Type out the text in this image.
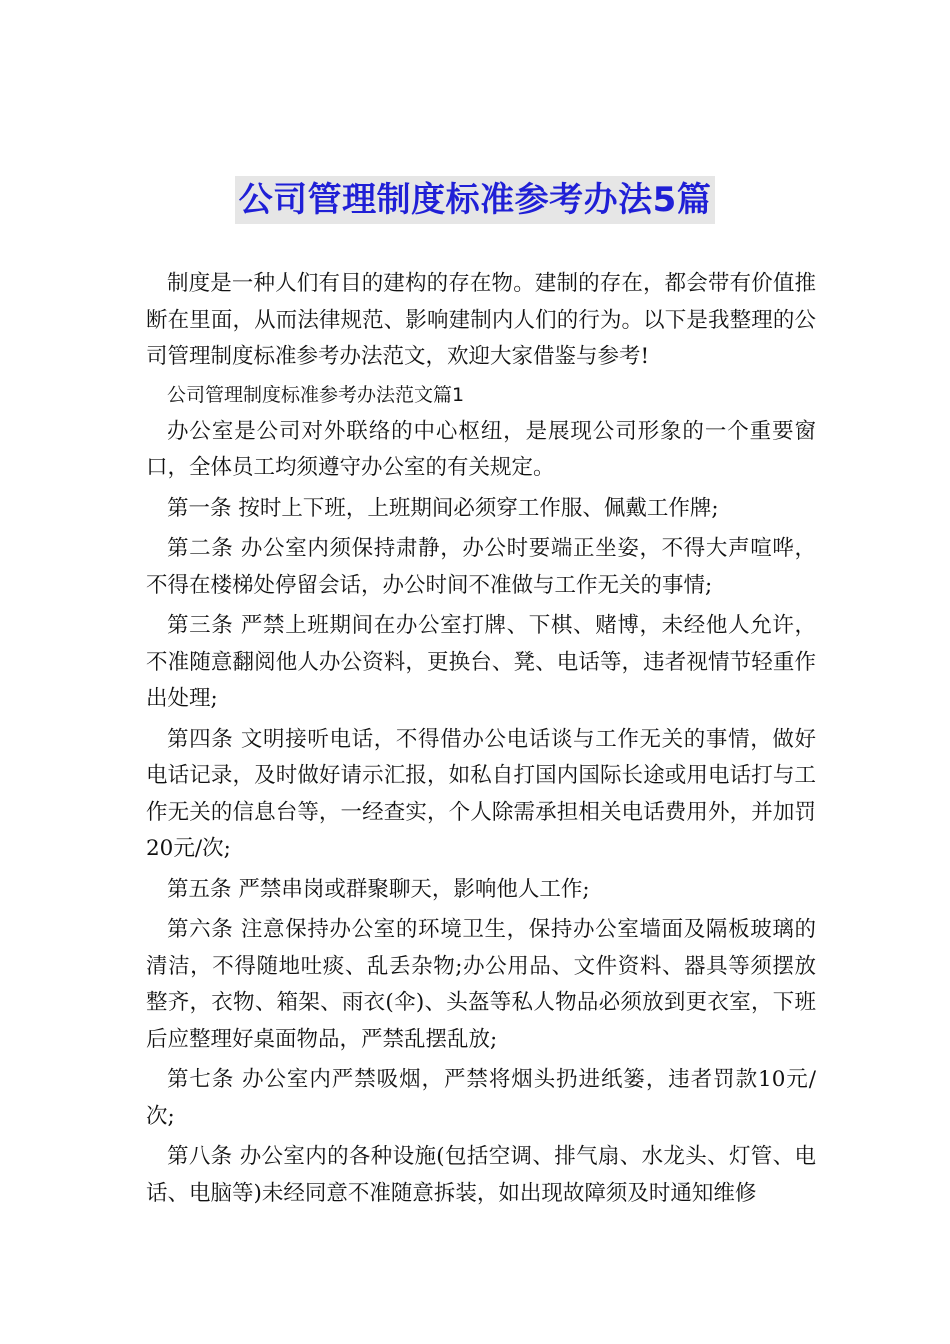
公司管理制度标准参考办法5篇

制度是一种人们有目的建构的存在物。建制的存在，都会带有价值推断在里面，从而法律规范、影响建制内人们的行为。以下是我整理的公司管理制度标准参考办法范文，欢迎大家借鉴与参考!

公司管理制度标准参考办法范文篇1

办公室是公司对外联络的中心枢纽，是展现公司形象的一个重要窗口，全体员工均须遵守办公室的有关规定。

第一条 按时上下班，上班期间必须穿工作服、佩戴工作牌;

第二条 办公室内须保持肃静，办公时要端正坐姿，不得大声喧哗，不得在楼梯处停留会话，办公时间不准做与工作无关的事情;

第三条 严禁上班期间在办公室打牌、下棋、赌博，未经他人允许，不准随意翻阅他人办公资料，更换台、凳、电话等，违者视情节轻重作出处理;

第四条 文明接听电话，不得借办公电话谈与工作无关的事情，做好电话记录，及时做好请示汇报，如私自打国内国际长途或用电话打与工作无关的信息台等，一经查实，个人除需承担相关电话费用外，并加罚20元/次;

第五条 严禁串岗或群聚聊天，影响他人工作;

第六条 注意保持办公室的环境卫生，保持办公室墙面及隔板玻璃的清洁，不得随地吐痰、乱丢杂物;办公用品、文件资料、器具等须摆放整齐，衣物、箱架、雨衣(伞)、头盔等私人物品必须放到更衣室，下班后应整理好桌面物品，严禁乱摆乱放;

第七条 办公室内严禁吸烟，严禁将烟头扔进纸篓，违者罚款10元/次;

第八条 办公室内的各种设施(包括空调、排气扇、水龙头、灯管、电话、电脑等)未经同意不准随意拆装，如出现故障须及时通知维修
